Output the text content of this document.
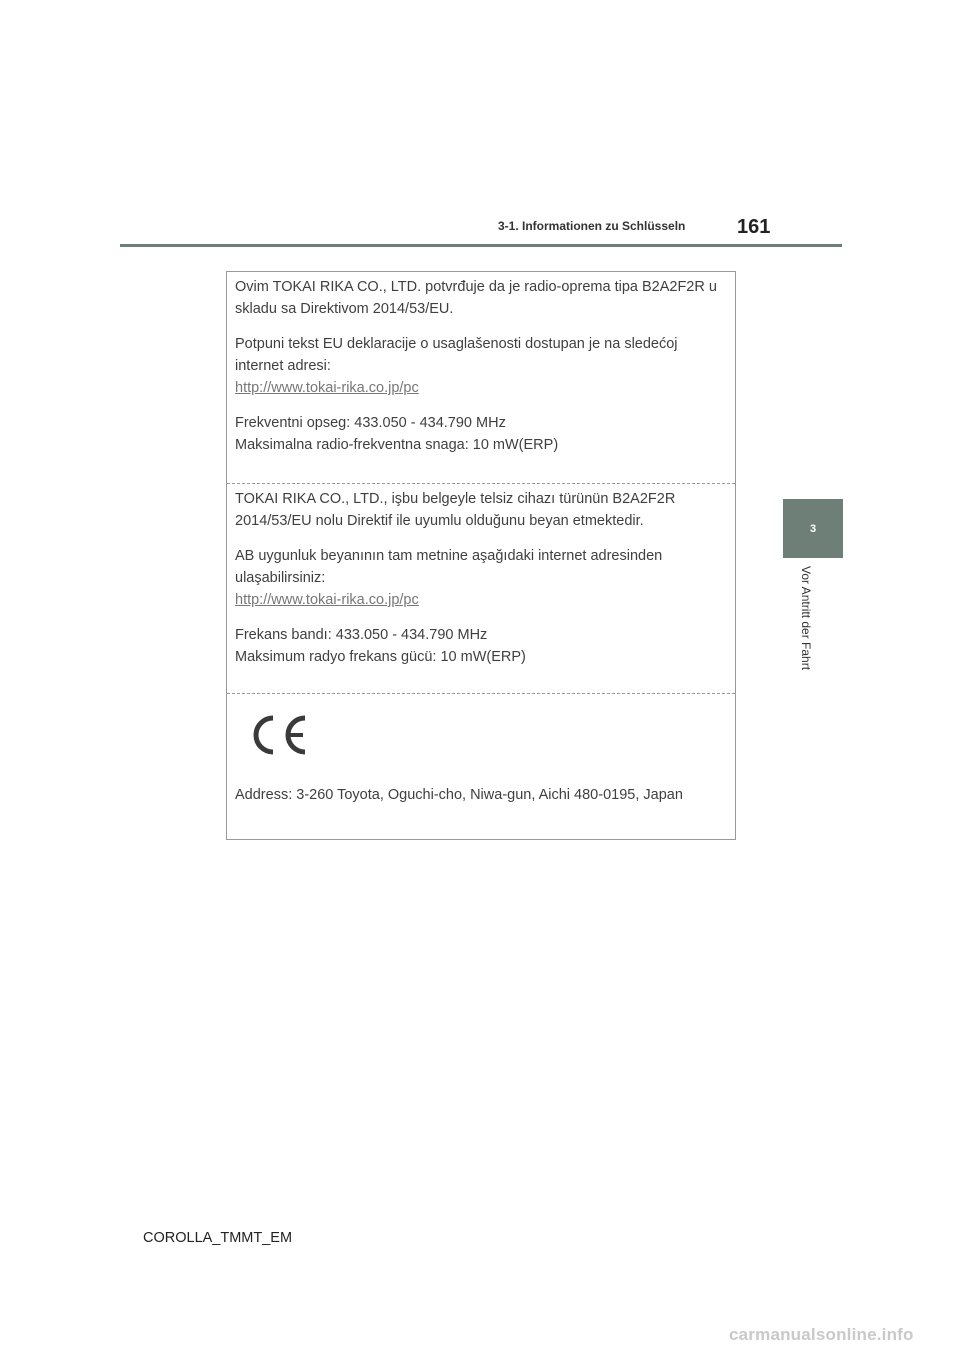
3-1. Informationen zu Schlüsseln	161
3
Vor Antritt der Fahrt

Ovim TOKAI RIKA CO., LTD. potvrđuje da je radio-oprema tipa B2A2F2R u skladu sa Direktivom 2014/53/EU.

Potpuni tekst EU deklaracije o usaglašenosti dostupan je na sledećoj internet adresi:

http://www.tokai-rika.co.jp/pc

Frekventni opseg: 433.050 - 434.790 MHz

Maksimalna radio-frekventna snaga: 10 mW(ERP)

TOKAI RIKA CO., LTD., işbu belgeyle telsiz cihazı türünün B2A2F2R 2014/53/EU nolu Direktif ile uyumlu olduğunu beyan etmektedir.

AB uygunluk beyanının tam metnine aşağıdaki internet adresinden ulaşabilirsiniz:

http://www.tokai-rika.co.jp/pc

Frekans bandı: 433.050 - 434.790 MHz

Maksimum radyo frekans gücü: 10 mW(ERP)

Address: 3-260 Toyota, Oguchi-cho, Niwa-gun, Aichi 480-0195, Japan
COROLLA_TMMT_EM
carmanualsonline.info
